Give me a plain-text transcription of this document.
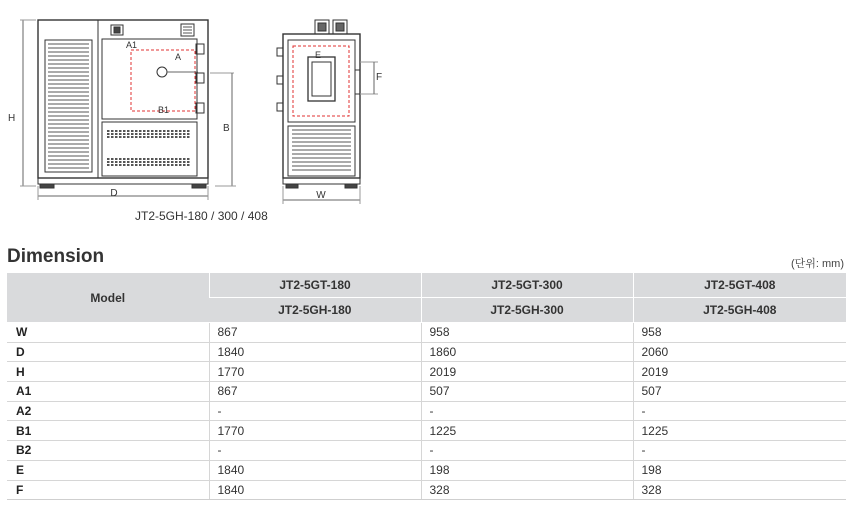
H
D
B
A1
A
B1
E
F
W
JT2-5GH-180 / 300 / 408
Dimension	(단위: mm)
Model	JT2-5GT-180	JT2-5GT-300	JT2-5GT-408
	JT2-5GH-180	JT2-5GH-300	JT2-5GH-408
W	867	958	958
D	1840	1860	2060
H	1770	2019	2019
A1	867	507	507
A2	-	-	-
B1	1770	1225	1225
B2	-	-	-
E	1840	198	198
F	1840	328	328
